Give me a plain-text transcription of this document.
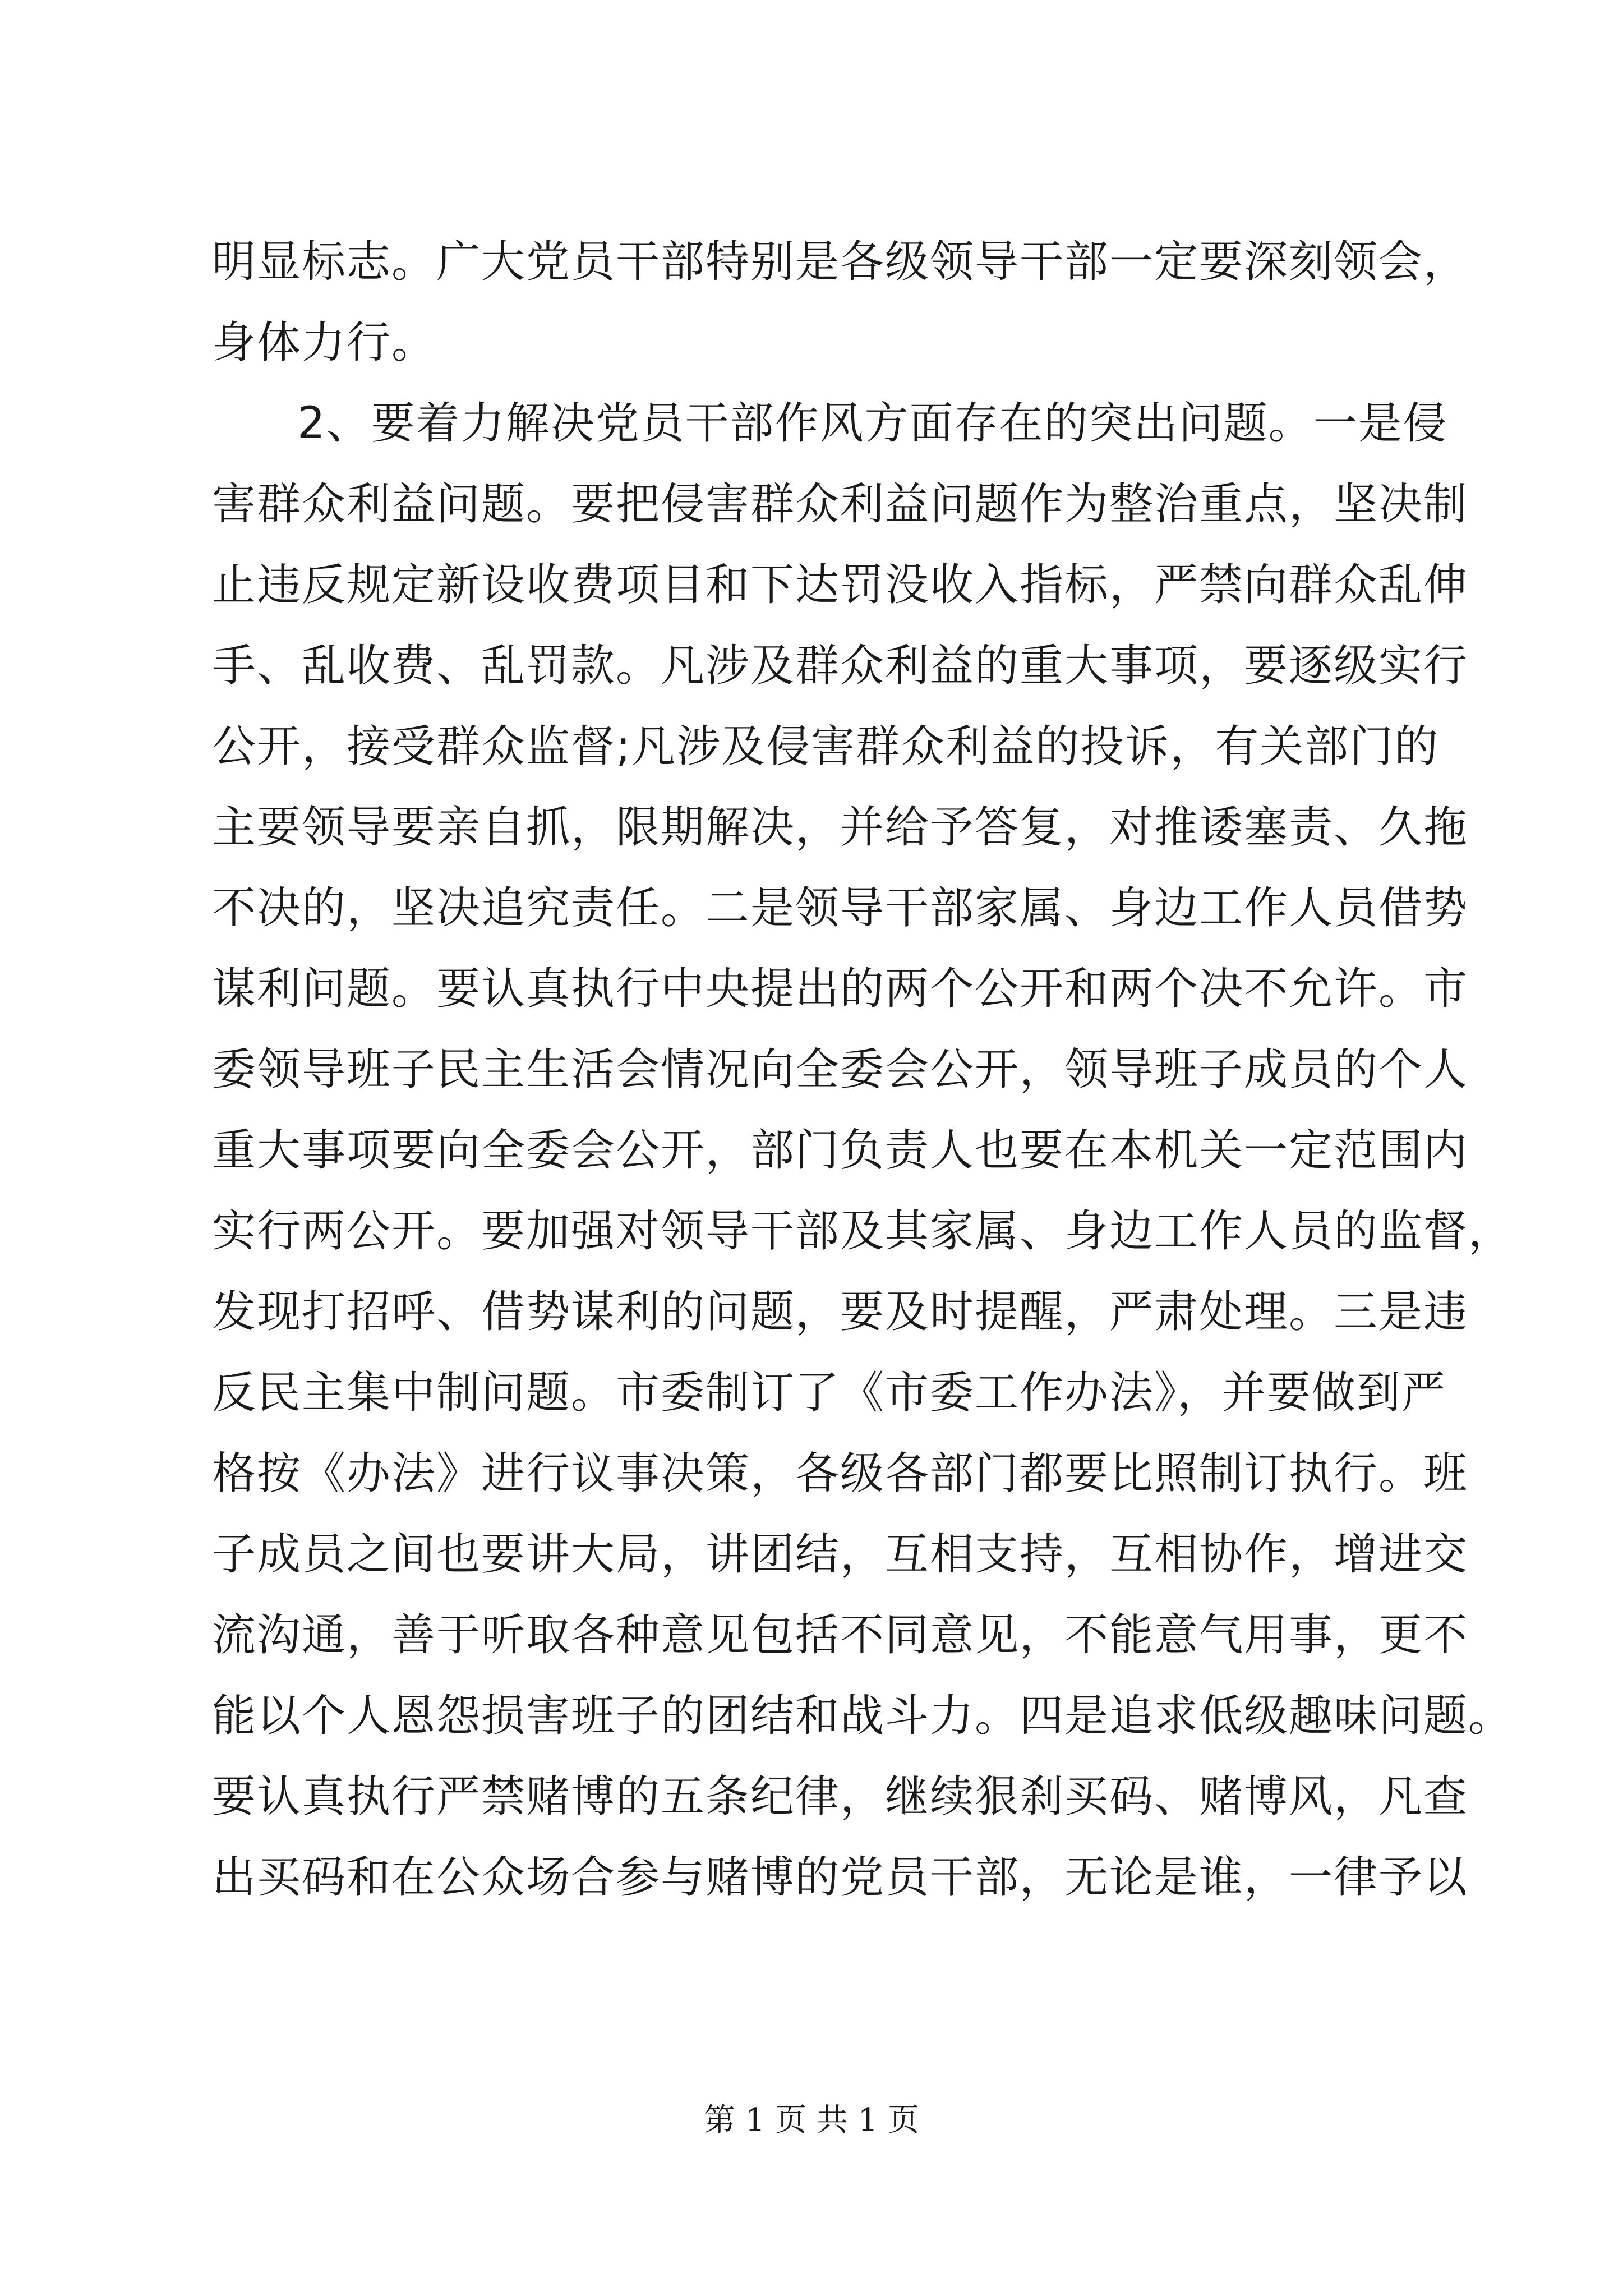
明显标志。广大党员干部特别是各级领导干部一定要深刻领会，
身体力行。
2、要着力解决党员干部作风方面存在的突出问题。一是侵
害群众利益问题。要把侵害群众利益问题作为整治重点，坚决制
止违反规定新设收费项目和下达罚没收入指标，严禁向群众乱伸
手、乱收费、乱罚款。凡涉及群众利益的重大事项，要逐级实行
公开，接受群众监督;凡涉及侵害群众利益的投诉，有关部门的
主要领导要亲自抓，限期解决，并给予答复，对推诿塞责、久拖
不决的，坚决追究责任。二是领导干部家属、身边工作人员借势
谋利问题。要认真执行中央提出的两个公开和两个决不允许。市
委领导班子民主生活会情况向全委会公开，领导班子成员的个人
重大事项要向全委会公开，部门负责人也要在本机关一定范围内
实行两公开。要加强对领导干部及其家属、身边工作人员的监督，
发现打招呼、借势谋利的问题，要及时提醒，严肃处理。三是违
反民主集中制问题。市委制订了《市委工作办法》，并要做到严
格按《办法》进行议事决策，各级各部门都要比照制订执行。班
子成员之间也要讲大局，讲团结，互相支持，互相协作，增进交
流沟通，善于听取各种意见包括不同意见，不能意气用事，更不
能以个人恩怨损害班子的团结和战斗力。四是追求低级趣味问题。
要认真执行严禁赌博的五条纪律，继续狠刹买码、赌博风，凡查
出买码和在公众场合参与赌博的党员干部，无论是谁，一律予以
第 1 页 共 1 页
